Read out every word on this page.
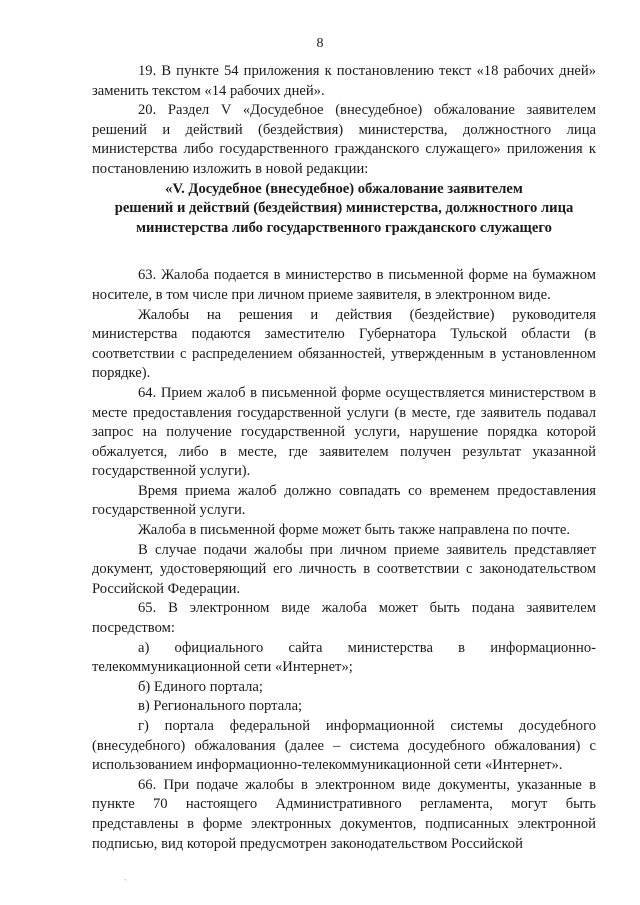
8

19. В пункте 54 приложения к постановлению текст «18 рабочих дней» заменить текстом «14 рабочих дней».

20. Раздел V «Досудебное (внесудебное) обжалование заявителем решений и действий (бездействия) министерства, должностного лица министерства либо государственного гражданского служащего» приложения к постановлению изложить в новой редакции:

«V. Досудебное (внесудебное) обжалование заявителем
решений и действий (бездействия) министерства, должностного лица
министерства либо государственного гражданского служащего

63. Жалоба подается в министерство в письменной форме на бумажном носителе, в том числе при личном приеме заявителя, в электронном виде.

Жалобы на решения и действия (бездействие) руководителя министерства подаются заместителю Губернатора Тульской области (в соответствии с распределением обязанностей, утвержденным в установленном порядке).

64. Прием жалоб в письменной форме осуществляется министерством в месте предоставления государственной услуги (в месте, где заявитель подавал запрос на получение государственной услуги, нарушение порядка которой обжалуется, либо в месте, где заявителем получен результат указанной государственной услуги).

Время приема жалоб должно совпадать со временем предоставления государственной услуги.

Жалоба в письменной форме может быть также направлена по почте.

В случае подачи жалобы при личном приеме заявитель представляет документ, удостоверяющий его личность в соответствии с законодательством Российской Федерации.

65. В электронном виде жалоба может быть подана заявителем посредством:

а) официального сайта министерства в информационно-телекоммуникационной сети «Интернет»;

б) Единого портала;

в) Регионального портала;

г) портала федеральной информационной системы досудебного (внесудебного) обжалования (далее – система досудебного обжалования) с использованием информационно-телекоммуникационной сети «Интернет».

66. При подаче жалобы в электронном виде документы, указанные в пункте 70 настоящего Административного регламента, могут быть представлены в форме электронных документов, подписанных электронной подписью, вид которой предусмотрен законодательством Российской

`
